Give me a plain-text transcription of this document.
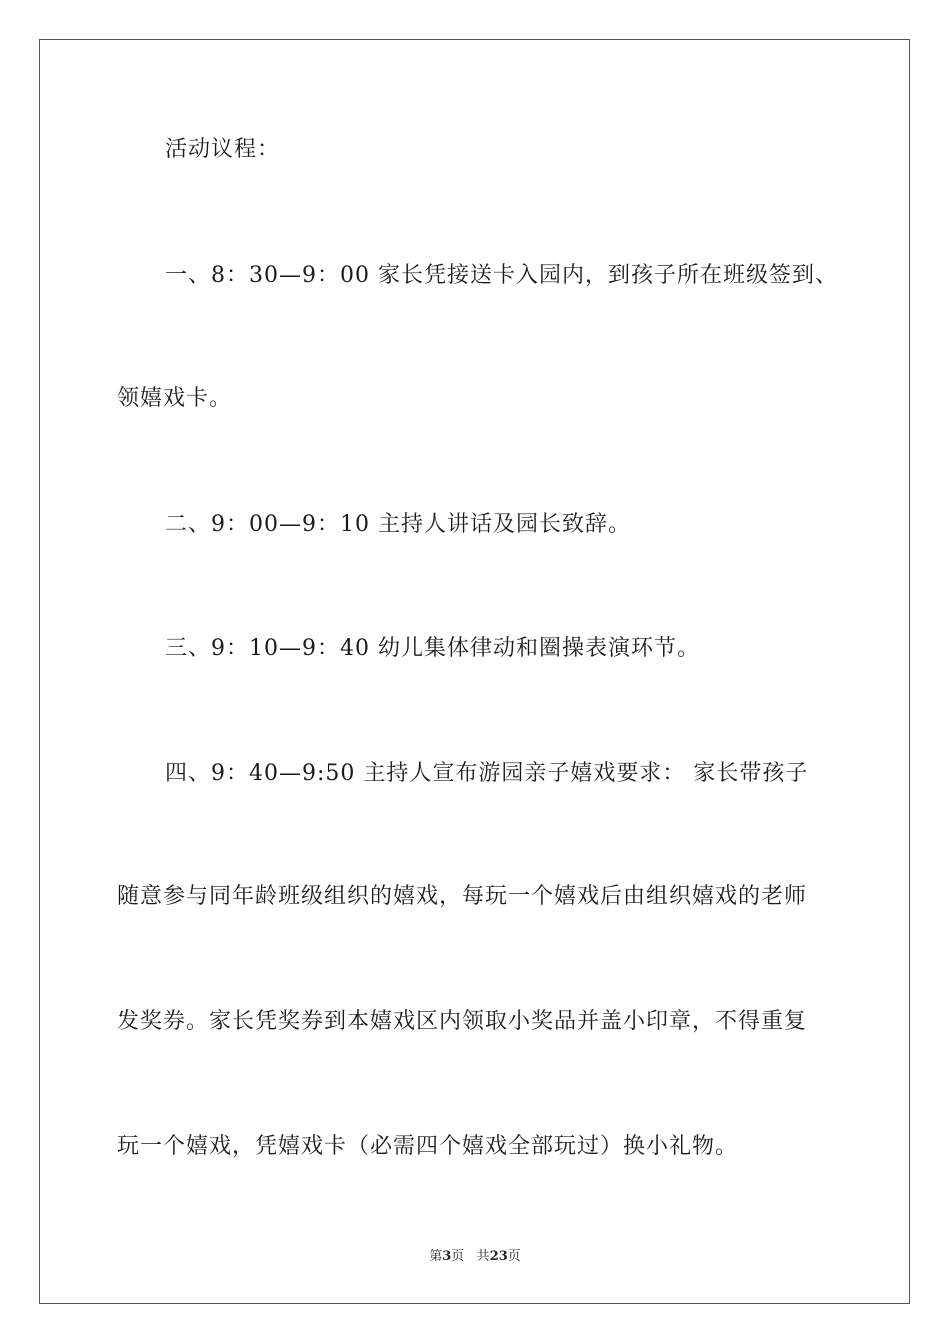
活动议程：
一、8：30—9：00 家长凭接送卡入园内，到孩子所在班级签到、
领嬉戏卡。
二、9：00—9：10 主持人讲话及园长致辞。
三、9：10—9：40 幼儿集体律动和圈操表演环节。
四、9：40—9:50 主持人宣布游园亲子嬉戏要求： 家长带孩子
随意参与同年龄班级组织的嬉戏，每玩一个嬉戏后由组织嬉戏的老师
发奖券。家长凭奖券到本嬉戏区内领取小奖品并盖小印章，不得重复
玩一个嬉戏，凭嬉戏卡（必需四个嬉戏全部玩过）换小礼物。
第3页 共23页
